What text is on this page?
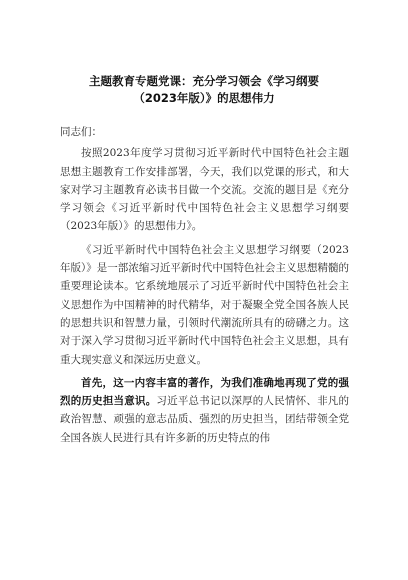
主题教育专题党课：充分学习领会《学习纲要（2023年版）》的思想伟力

同志们：

按照2023年度学习贯彻习近平新时代中国特色社会主题思想主题教育工作安排部署，今天，我们以党课的形式，和大家对学习主题教育必读书目做一个交流。交流的题目是《充分学习领会《习近平新时代中国特色社会主义思想学习纲要（2023年版）》的思想伟力》。

《习近平新时代中国特色社会主义思想学习纲要（2023年版）》是一部浓缩习近平新时代中国特色社会主义思想精髓的重要理论读本。它系统地展示了习近平新时代中国特色社会主义思想作为中国精神的时代精华，对于凝聚全党全国各族人民的思想共识和智慧力量，引领时代潮流所具有的磅礴之力。这对于深入学习贯彻习近平新时代中国特色社会主义思想，具有重大现实意义和深远历史意义。

首先，这一内容丰富的著作，为我们准确地再现了党的强烈的历史担当意识。习近平总书记以深厚的人民情怀、非凡的政治智慧、顽强的意志品质、强烈的历史担当，团结带领全党全国各族人民进行具有许多新的历史特点的伟
